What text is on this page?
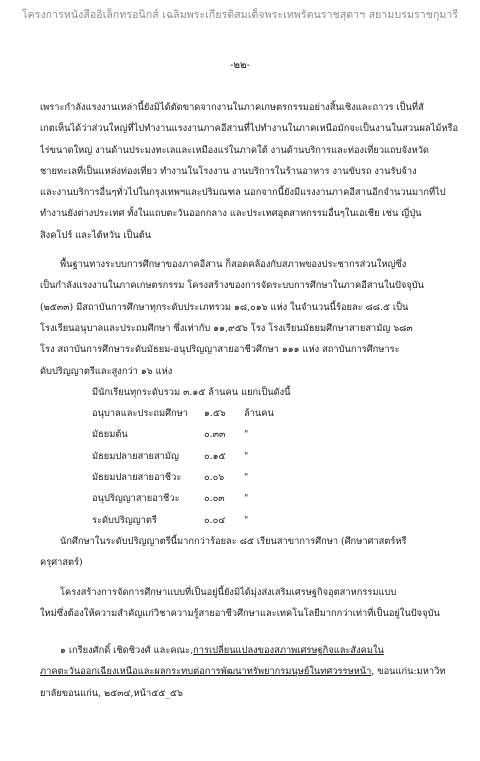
โครงการหนังสืออิเล็กทรอนิกส์ เฉลิมพระเกียรติสมเด็จพระเทพรัตนราชสุดาฯ สยามบรมราชกุมารี
-๒๒-
เพราะกำลังแรงงานเหล่านี้ยังมิได้ตัดขาดจากงานในภาคเกษตรกรรมอย่างสิ้นเชิงและถาวร เป็นที่สั
เกตเห็นได้ว่าส่วนใหญ่ที่ไปทำงานแรงงานภาคอีสานที่ไปทำงานในภาคเหนือมักจะเป็นงานในสวนผลไม้หรือ
ไร่ขนาดใหญ่ งานด้านประมงทะเลและเหมืองแร่ในภาคใต้ งานด้านบริการและท่องเที่ยวแถบจังหวัด
ชายทะเลที่เป็นแหล่งท่องเที่ยว ทำงานในโรงงาน งานบริการในร้านอาหาร งานขับรถ งานรับจ้าง
และงานบริการอื่นๆทั่วไปในกรุงเทพฯและปริมณฑล นอกจากนี้ยังมีแรงงานภาคอีสานอีกจำนวนมากที่ไป
ทำงานยังต่างประเทศ ทั้งในแถบตะวันออกกลาง และประเทศอุตสาหกรรมอื่นๆในเอเชีย เช่น ญี่ปุ่น
สิงคโปร์ และไต้หวัน เป็นต้น
พื้นฐานทางระบบการศึกษาของภาคอีสาน ก็สอดคล้องกับสภาพของประชากรส่วนใหญ่ซึ่ง
เป็นกำลังแรงงานในภาคเกษตรกรรม โครงสร้างของการจัดระบบการศึกษาในภาคอีสานในปัจจุบัน
(๒๕๓๓) มีสถาบันการศึกษาทุกระดับประเภทรวม ๑๘,๐๑๖ แห่ง ในจำนวนนี้ร้อยละ ๘๘.๕ เป็น
โรงเรียนอนุบาลและประถมศึกษา ซึ่งเท่ากับ ๑๑,๙๕๖ โรง โรงเรียนมัธยมศึกษาสายสามัญ ๖๘๓
โรง สถาบันการศึกษาระดับมัธยม-อนุปริญญาสายอาชีวศึกษา ๑๑๑ แห่ง สถาบันการศึกษาระ
ดับปริญญาตรีและสูงกว่า ๑๖ แห่ง
มีนักเรียนทุกระดับรวม ๓.๑๕ ล้านคน แยกเป็นดังนี้
อนุบาลและประถมศึกษา	๑.๕๖	ล้านคน
มัธยมต้น	๐.๓๓	"
มัธยมปลายสายสามัญ	๐.๑๕	"
มัธยมปลายสายอาชีวะ	๐.๐๖	"
อนุปริญญาสายอาชีวะ	๐.๐๓	"
ระดับปริญญาตรี	๐.๐๔	"
นักศึกษาในระดับปริญญาตรีนี้มากกว่าร้อยละ ๘๕ เรียนสาขาการศึกษา (ศึกษาศาสตร์หรื
ครุศาสตร์)
โครงสร้างการจัดการศึกษาแบบที่เป็นอยู่นี้ยังมิได้มุ่งส่งเสริมเศรษฐกิจอุตสาหกรรมแบบ
ใหม่ซึ่งต้องให้ความสำคัญแก่วิชาความรู้สายอาชีวศึกษาและเทคโนโลยีมากกว่าเท่าที่เป็นอยู่ในปัจจุบัน
๑ เกรียงศักดิ์ เชิดชิวงศ์ และคณะ,การเปลี่ยนแปลงของสภาพเศรษฐกิจและสังคมใน
ภาคตะวันออกเฉียงเหนือและผลกระทบต่อการพัฒนาทรัพยากรมนุษย์ในทศวรรษหน้า, ขอนแก่น:มหาวิท
ยาลัยขอนแก่น, ๒๕๓๔,หน้า๕๕_๕๖
